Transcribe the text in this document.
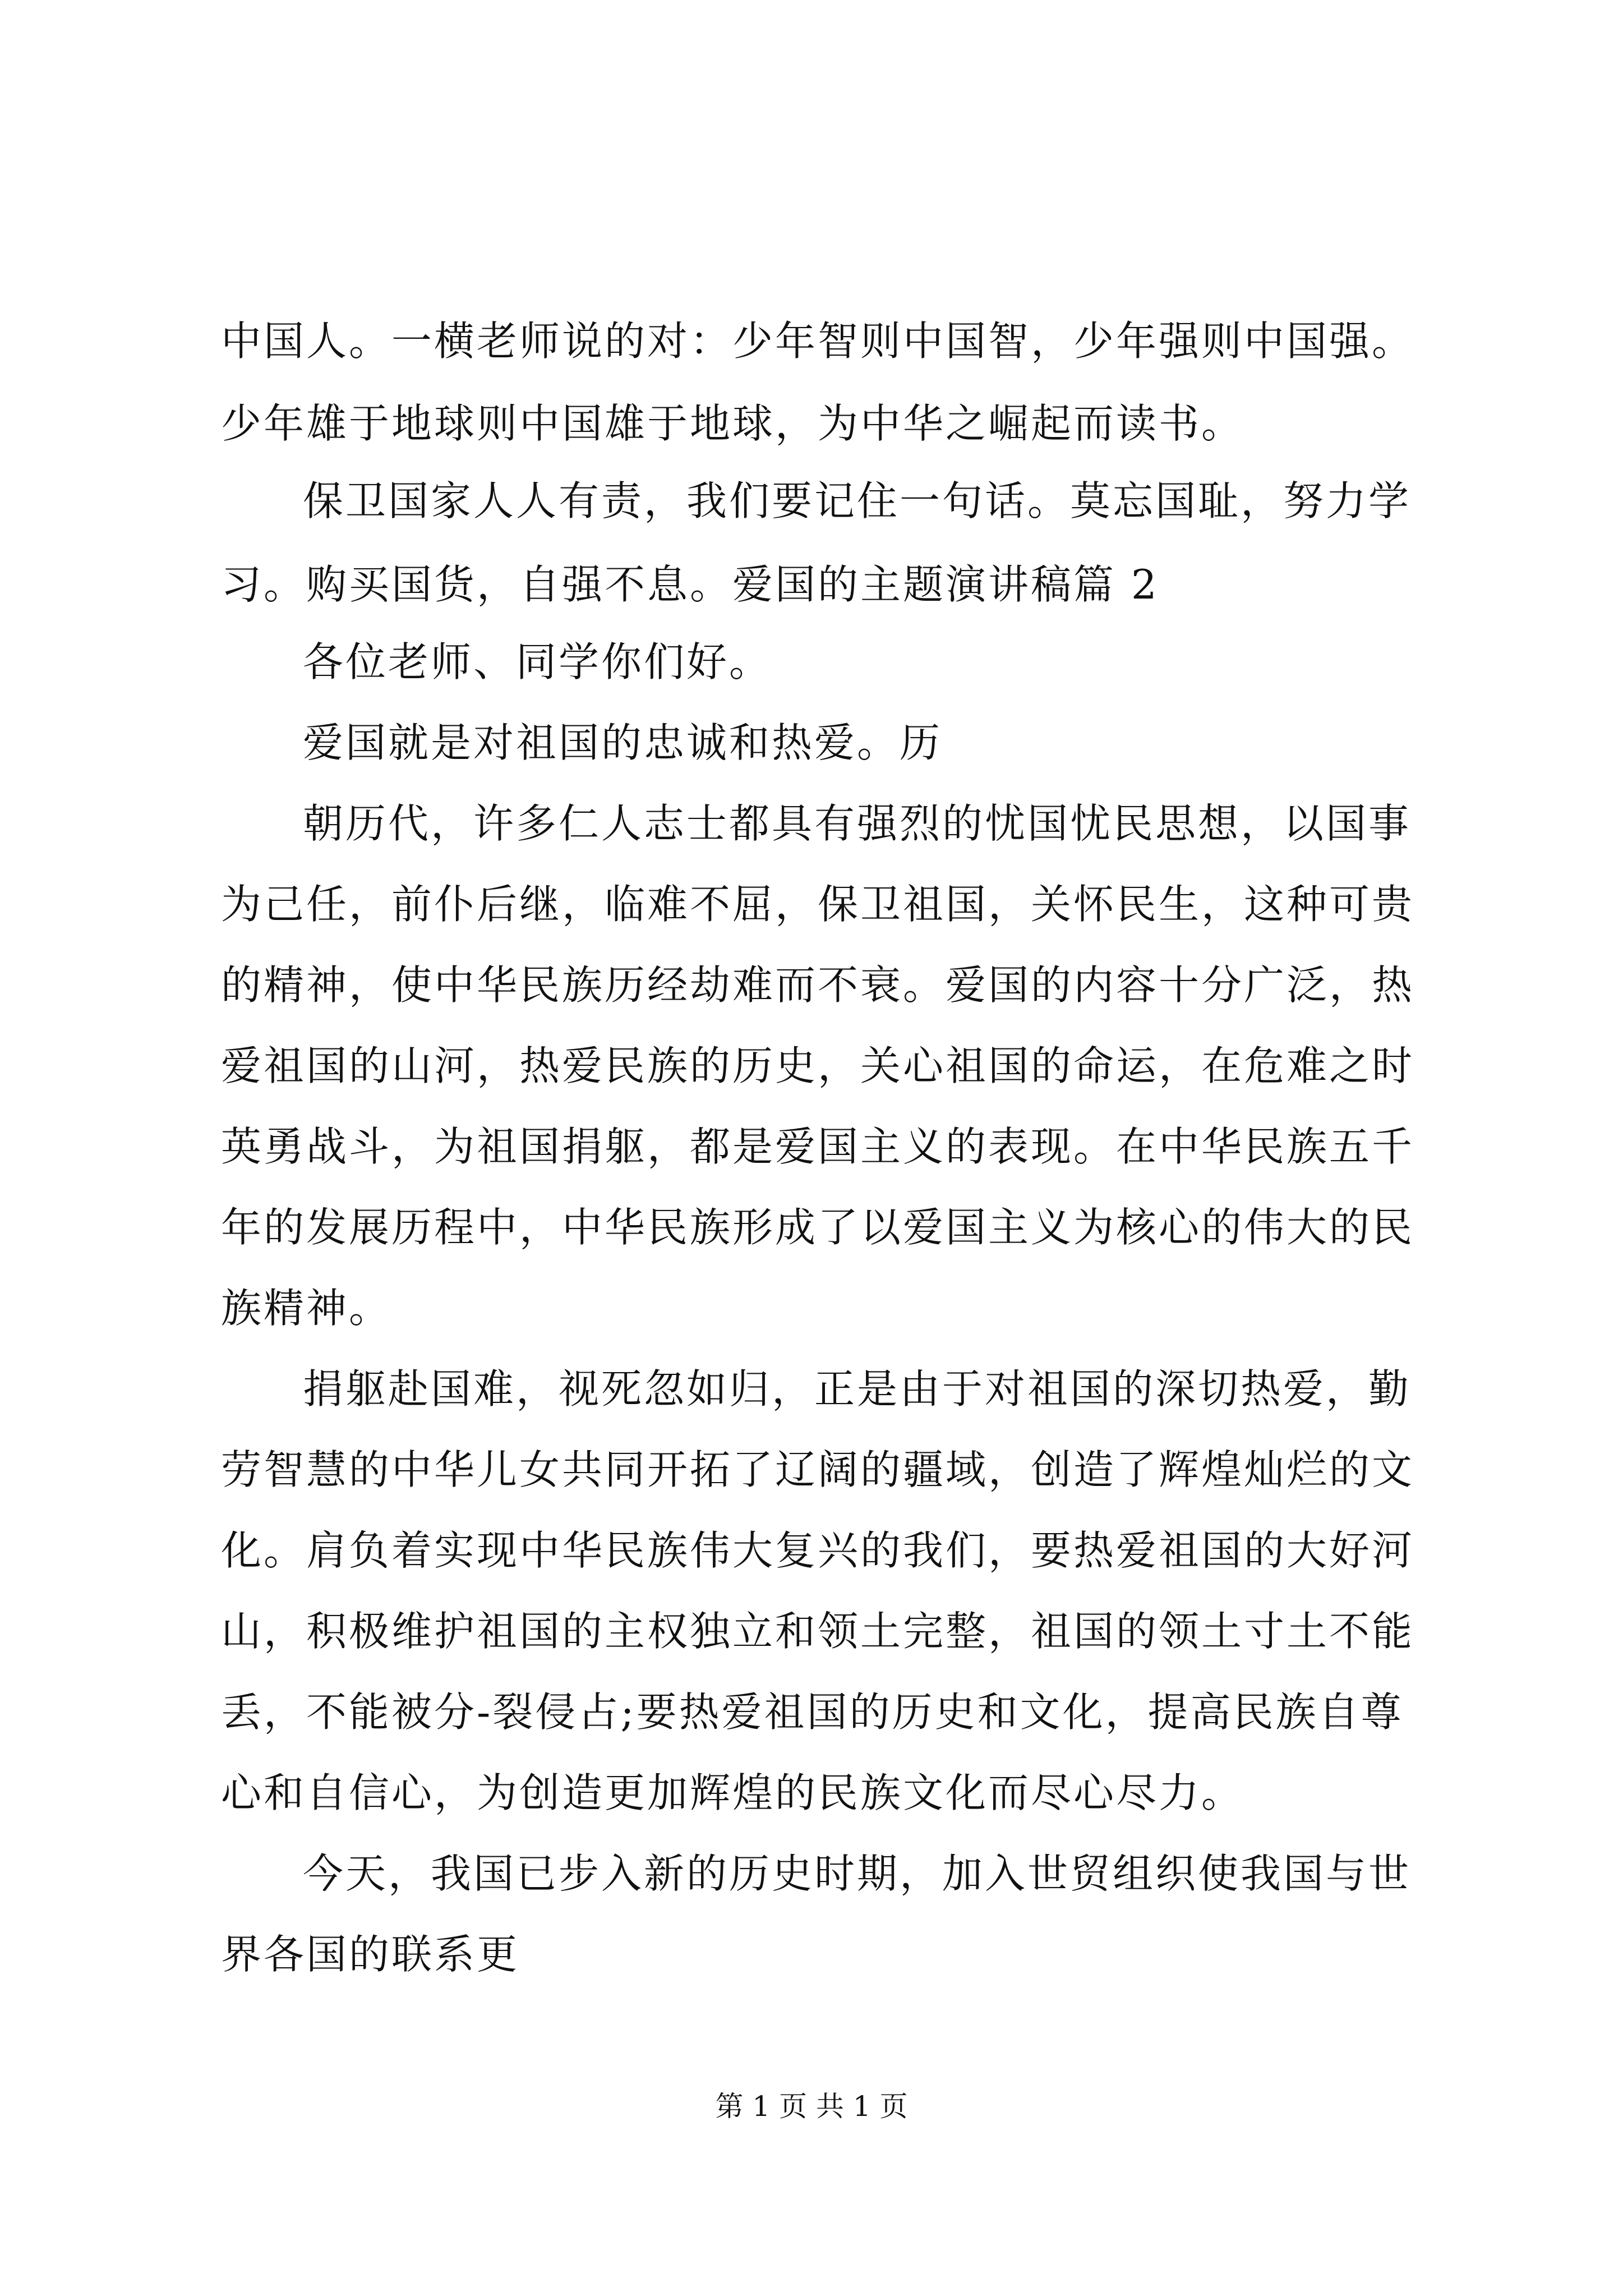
中国人。一横老师说的对：少年智则中国智，少年强则中国强。

少年雄于地球则中国雄于地球，为中华之崛起而读书。

保卫国家人人有责，我们要记住一句话。莫忘国耻，努力学

习。购买国货，自强不息。爱国的主题演讲稿篇 2

各位老师、同学你们好。

爱国就是对祖国的忠诚和热爱。历

朝历代，许多仁人志士都具有强烈的忧国忧民思想，以国事

为己任，前仆后继，临难不屈，保卫祖国，关怀民生，这种可贵

的精神，使中华民族历经劫难而不衰。爱国的内容十分广泛，热

爱祖国的山河，热爱民族的历史，关心祖国的命运，在危难之时

英勇战斗，为祖国捐躯，都是爱国主义的表现。在中华民族五千

年的发展历程中，中华民族形成了以爱国主义为核心的伟大的民

族精神。

捐躯赴国难，视死忽如归，正是由于对祖国的深切热爱，勤

劳智慧的中华儿女共同开拓了辽阔的疆域，创造了辉煌灿烂的文

化。肩负着实现中华民族伟大复兴的我们，要热爱祖国的大好河

山，积极维护祖国的主权独立和领土完整，祖国的领土寸土不能

丢，不能被分-裂侵占;要热爱祖国的历史和文化，提高民族自尊

心和自信心，为创造更加辉煌的民族文化而尽心尽力。

今天，我国已步入新的历史时期，加入世贸组织使我国与世

界各国的联系更

第 1 页 共 1 页
